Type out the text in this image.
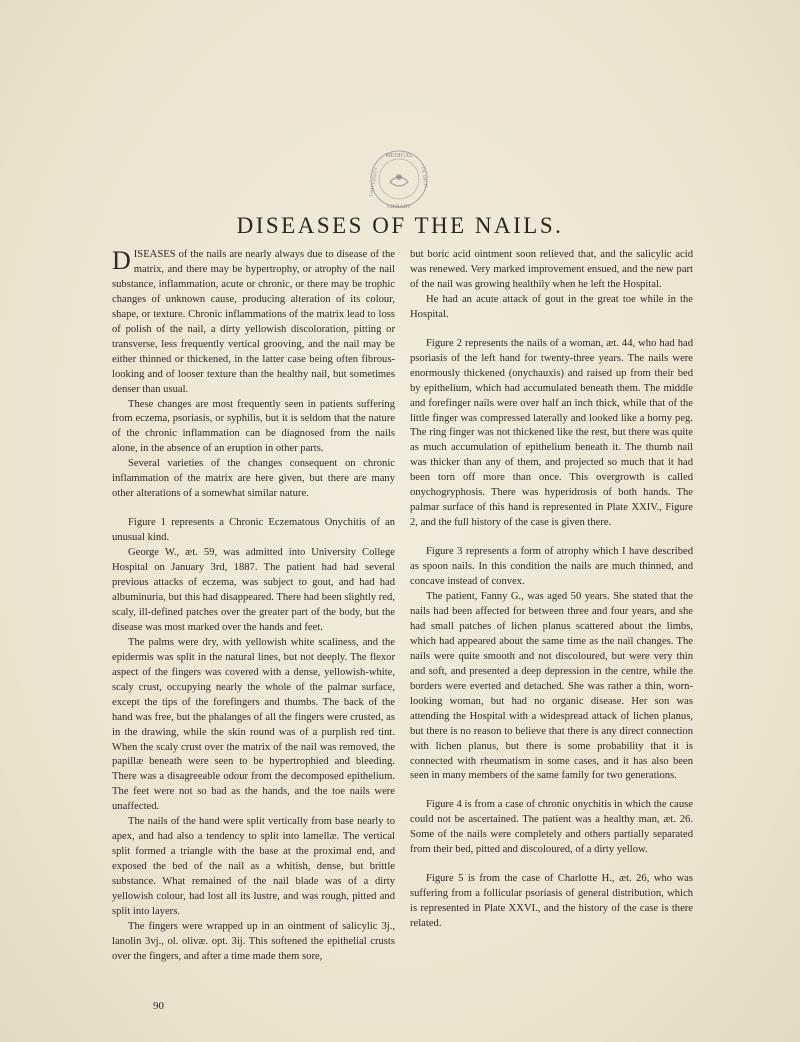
MEDICAL
LIBRARY
UNIVERSITY	OF MICH.
DISEASES OF THE NAILS.

DISEASES of the nails are nearly always due to disease of the matrix, and there may be hypertrophy, or atrophy of the nail substance, inflammation, acute or chronic, or there may be trophic changes of unknown cause, producing alteration of its colour, shape, or texture. Chronic inflammations of the matrix lead to loss of polish of the nail, a dirty yellowish discoloration, pitting or transverse, less frequently vertical grooving, and the nail may be either thinned or thickened, in the latter case being often fibrous-looking and of looser texture than the healthy nail, but sometimes denser than usual.

These changes are most frequently seen in patients suffering from eczema, psoriasis, or syphilis, but it is seldom that the nature of the chronic inflammation can be diagnosed from the nails alone, in the absence of an eruption in other parts.

Several varieties of the changes consequent on chronic inflammation of the matrix are here given, but there are many other alterations of a somewhat similar nature.

Figure 1 represents a Chronic Eczematous Onychitis of an unusual kind.

George W., æt. 59, was admitted into University College Hospital on January 3rd, 1887. The patient had had several previous attacks of eczema, was subject to gout, and had had albuminuria, but this had disappeared. There had been slightly red, scaly, ill-defined patches over the greater part of the body, but the disease was most marked over the hands and feet.

The palms were dry, with yellowish white scaliness, and the epidermis was split in the natural lines, but not deeply. The flexor aspect of the fingers was covered with a dense, yellowish-white, scaly crust, occupying nearly the whole of the palmar surface, except the tips of the forefingers and thumbs. The back of the hand was free, but the phalanges of all the fingers were crusted, as in the drawing, while the skin round was of a purplish red tint. When the scaly crust over the matrix of the nail was removed, the papillæ beneath were seen to be hypertrophied and bleeding. There was a disagreeable odour from the decomposed epithelium. The feet were not so bad as the hands, and the toe nails were unaffected.

The nails of the hand were split vertically from base nearly to apex, and had also a tendency to split into lamellæ. The vertical split formed a triangle with the base at the proximal end, and exposed the bed of the nail as a whitish, dense, but brittle substance. What remained of the nail blade was of a dirty yellowish colour, had lost all its lustre, and was rough, pitted and split into layers.

The fingers were wrapped up in an ointment of salicylic 3j., lanolin 3vj., ol. olivæ. opt. 3ij. This softened the epithelial crusts over the fingers, and after a time made them sore,

but boric acid ointment soon relieved that, and the salicylic acid was renewed. Very marked improvement ensued, and the new part of the nail was growing healthily when he left the Hospital.

He had an acute attack of gout in the great toe while in the Hospital.

Figure 2 represents the nails of a woman, æt. 44, who had had psoriasis of the left hand for twenty-three years. The nails were enormously thickened (onychauxis) and raised up from their bed by epithelium, which had accumulated beneath them. The middle and forefinger nails were over half an inch thick, while that of the little finger was compressed laterally and looked like a horny peg. The ring finger was not thickened like the rest, but there was quite as much accumulation of epithelium beneath it. The thumb nail was thicker than any of them, and projected so much that it had been torn off more than once. This overgrowth is called onychogryphosis. There was hyperidrosis of both hands. The palmar surface of this hand is represented in Plate XXIV., Figure 2, and the full history of the case is given there.

Figure 3 represents a form of atrophy which I have described as spoon nails. In this condition the nails are much thinned, and concave instead of convex.

The patient, Fanny G., was aged 50 years. She stated that the nails had been affected for between three and four years, and she had small patches of lichen planus scattered about the limbs, which had appeared about the same time as the nail changes. The nails were quite smooth and not discoloured, but were very thin and soft, and presented a deep depression in the centre, while the borders were everted and detached. She was rather a thin, worn-looking woman, but had no organic disease. Her son was attending the Hospital with a widespread attack of lichen planus, but there is no reason to believe that there is any direct connection with lichen planus, but there is some probability that it is connected with rheumatism in some cases, and it has also been seen in many members of the same family for two generations.

Figure 4 is from a case of chronic onychitis in which the cause could not be ascertained. The patient was a healthy man, æt. 26. Some of the nails were completely and others partially separated from their bed, pitted and discoloured, of a dirty yellow.

Figure 5 is from the case of Charlotte H., æt. 26, who was suffering from a follicular psoriasis of general distribution, which is represented in Plate XXVI., and the history of the case is there related.

90
